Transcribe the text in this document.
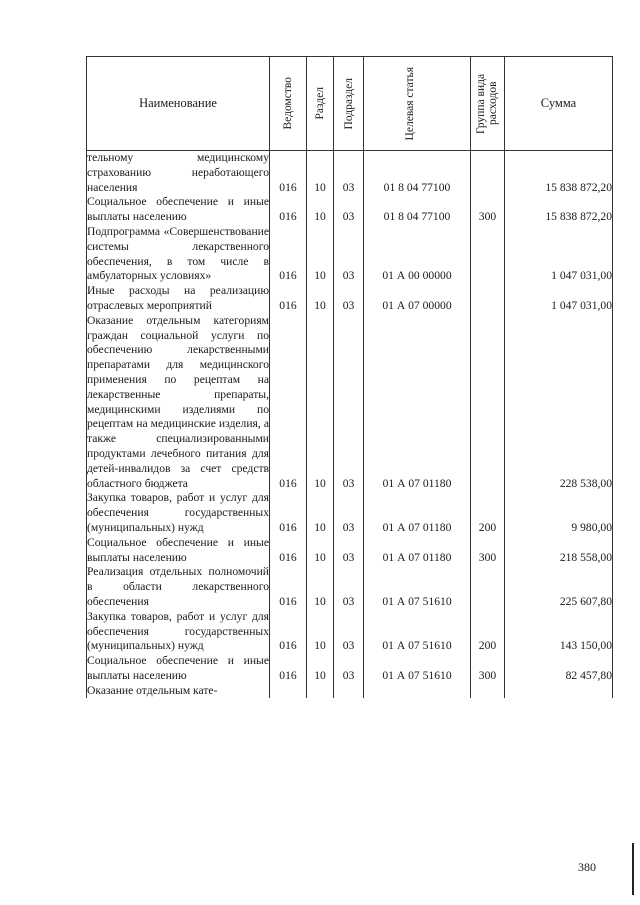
Наименование	Ведомство	Раздел	Подраздел	Целевая статья	Группа вида расходов	Сумма
тельному медицинскому страхованию неработающего населения	016	10	03	01 8 04 77100		15 838 872,20
Социальное обеспечение и иные выплаты населению	016	10	03	01 8 04 77100	300	15 838 872,20
Подпрограмма «Совершенствование системы лекарственного обеспечения, в том числе в амбулаторных условиях»	016	10	03	01 А 00 00000		1 047 031,00
Иные расходы на реализацию отраслевых мероприятий	016	10	03	01 А 07 00000		1 047 031,00
Оказание отдельным категориям граждан социальной услуги по обеспечению лекарственными препаратами для медицинского применения по рецептам на лекарственные препараты, медицинскими изделиями по рецептам на медицинские изделия, а также специализированными продуктами лечебного питания для детей-инвалидов за счет средств областного бюджета	016	10	03	01 А 07 01180		228 538,00
Закупка товаров, работ и услуг для обеспечения государственных (муниципальных) нужд	016	10	03	01 А 07 01180	200	9 980,00
Социальное обеспечение и иные выплаты населению	016	10	03	01 А 07 01180	300	218 558,00
Реализация отдельных полномочий в области лекарственного обеспечения	016	10	03	01 А 07 51610		225 607,80
Закупка товаров, работ и услуг для обеспечения государственных (муниципальных) нужд	016	10	03	01 А 07 51610	200	143 150,00
Социальное обеспечение и иные выплаты населению	016	10	03	01 А 07 51610	300	82 457,80
Оказание отдельным кате-						
380
